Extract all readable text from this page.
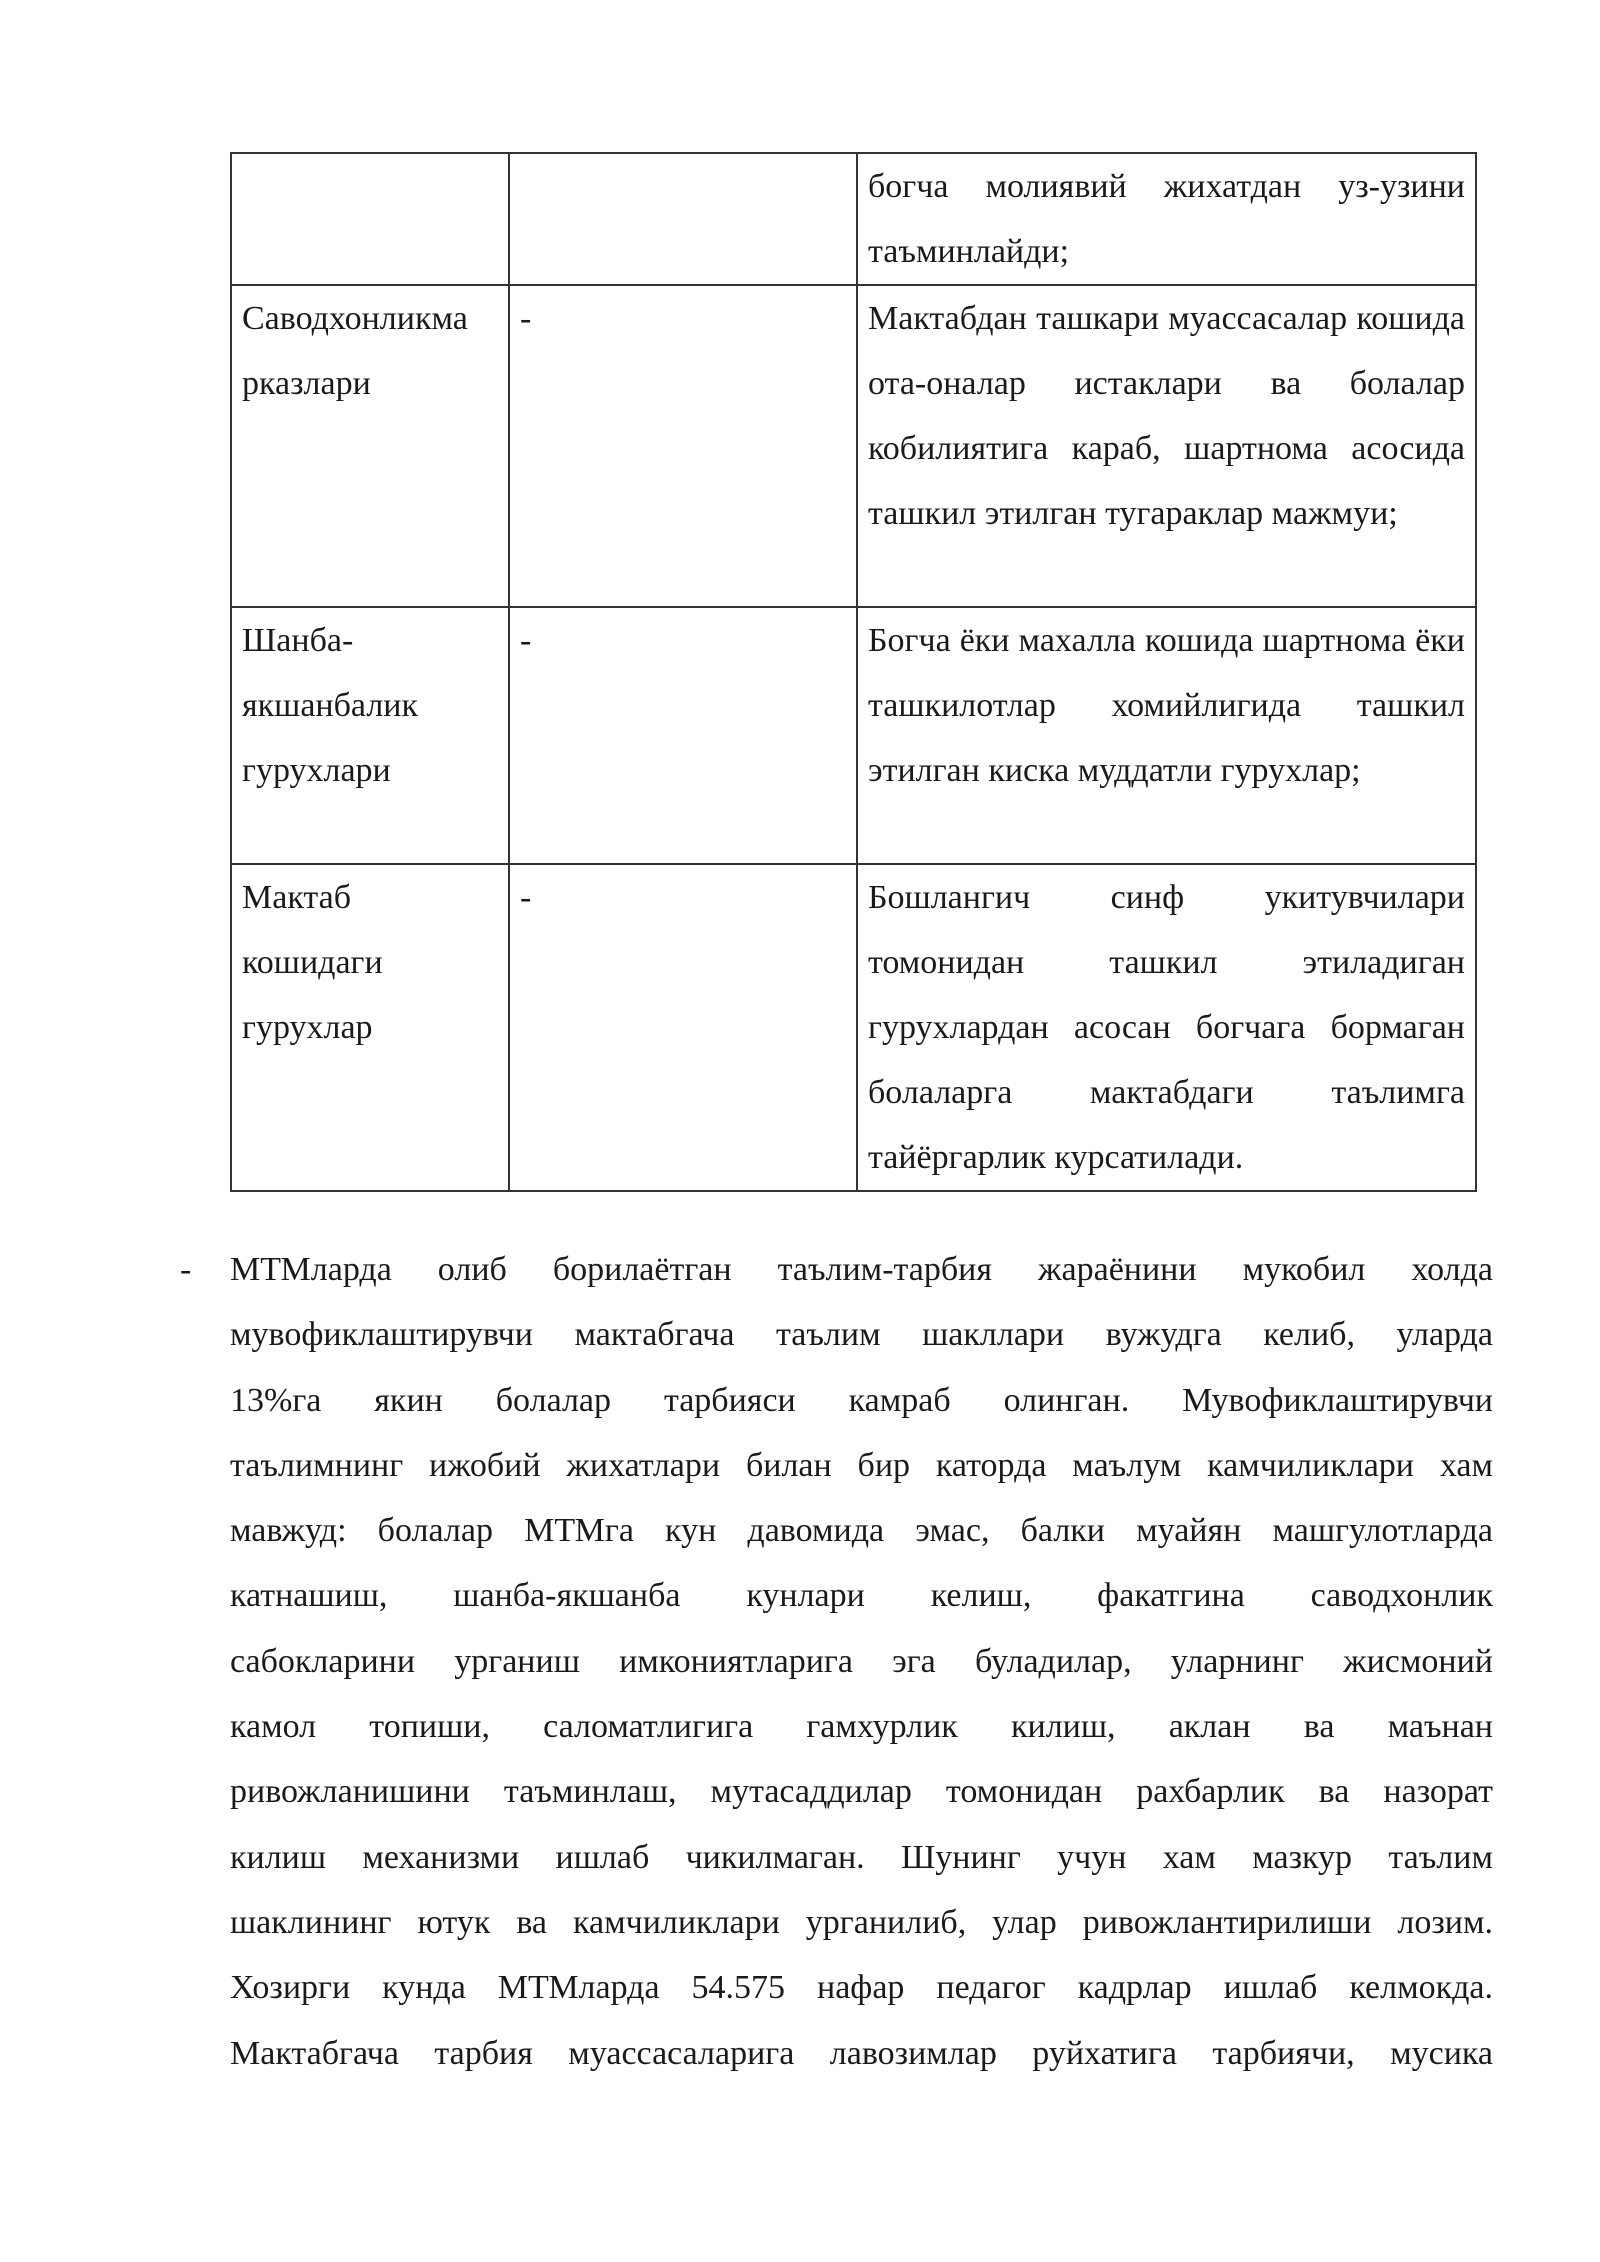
		богча молиявий жихатдан уз-узини таъминлайди;

Саводхонликма
рказлари	-	Мактабдан ташкари муассасалар кошида ота-оналар истаклари ва болалар кобилиятига караб, шартнома асосида ташкил этилган тугараклар мажмуи;

Шанба-
якшанбалик
гурухлари	-	Богча ёки махалла кошида шартнома ёки ташкилотлар хомийлигида ташкил этилган киска муддатли гурухлар;

Мактаб
кошидаги
гурухлар	-	Бошлангич синф укитувчилари томонидан ташкил этиладиган гурухлардан асосан богчага бормаган болаларга мактабдаги таълимга тайёргарлик курсатилади.
- МТМларда олиб борилаётган таълим-тарбия жараёнини мукобил холда
мувофиклаштирувчи мактабгача таълим шакллари вужудга келиб, уларда
13%га якин болалар тарбияси камраб олинган. Мувофиклаштирувчи
таълимнинг ижобий жихатлари билан бир каторда маълум камчиликлари хам
мавжуд: болалар МТМга кун давомида эмас, балки муайян машгулотларда
катнашиш, шанба-якшанба кунлари келиш, факатгина саводхонлик
сабокларини урганиш имкониятларига эга буладилар, уларнинг жисмоний
камол топиши, саломатлигига гамхурлик килиш, аклан ва маънан
ривожланишини таъминлаш, мутасаддилар томонидан рахбарлик ва назорат
килиш механизми ишлаб чикилмаган. Шунинг учун хам мазкур таълим
шаклининг ютук ва камчиликлари урганилиб, улар ривожлантирилиши лозим.
Хозирги кунда МТМларда 54.575 нафар педагог кадрлар ишлаб келмокда.
Мактабгача тарбия муассасаларига лавозимлар руйхатига тарбиячи, мусика
